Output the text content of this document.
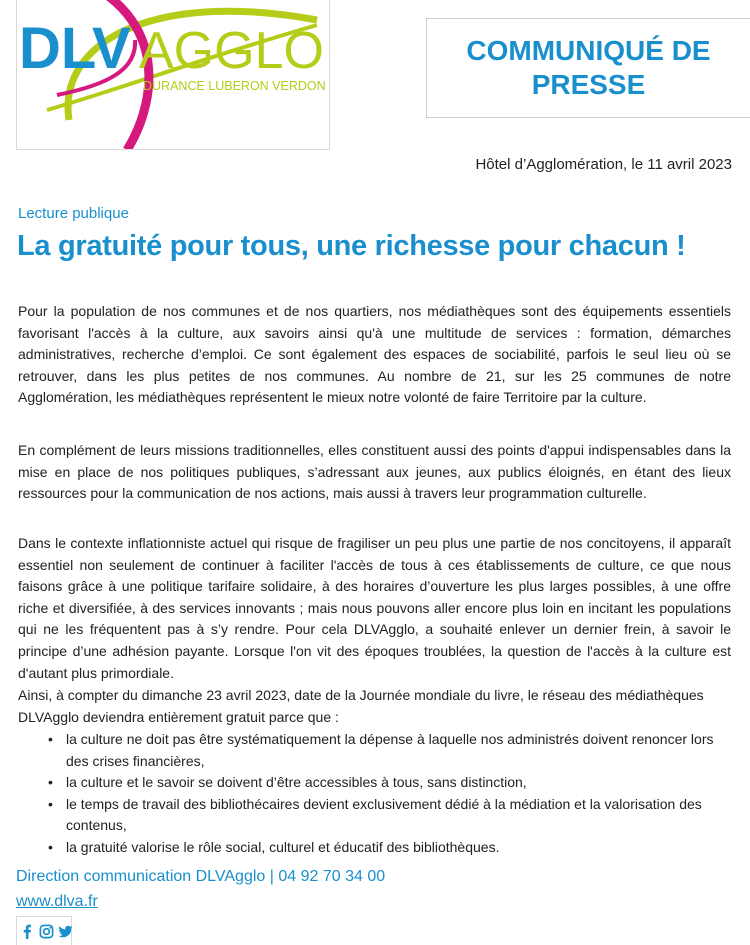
DLV AGGLO
DURANCE LUBERON VERDON
COMMUNIQUÉ DE
PRESSE
Hôtel d’Agglomération, le 11 avril 2023
Lecture publique
La gratuité pour tous, une richesse pour chacun !

Pour la population de nos communes et de nos quartiers, nos médiathèques sont des équipements essentiels favorisant l'accès à la culture, aux savoirs ainsi qu'à une multitude de services : formation, démarches administratives, recherche d’emploi. Ce sont également des espaces de sociabilité, parfois le seul lieu où se retrouver, dans les plus petites de nos communes. Au nombre de 21, sur les 25 communes de notre Agglomération, les médiathèques représentent le mieux notre volonté de faire Territoire par la culture.

En complément de leurs missions traditionnelles, elles constituent aussi des points d'appui indispensables dans la mise en place de nos politiques publiques, s’adressant aux jeunes, aux publics éloignés, en étant des lieux ressources pour la communication de nos actions, mais aussi à travers leur programmation culturelle.

Dans le contexte inflationniste actuel qui risque de fragiliser un peu plus une partie de nos concitoyens, il apparaît essentiel non seulement de continuer à faciliter l'accès de tous à ces établissements de culture, ce que nous faisons grâce à une politique tarifaire solidaire, à des horaires d’ouverture les plus larges possibles, à une offre riche et diversifiée, à des services innovants ; mais nous pouvons aller encore plus loin en incitant les populations qui ne les fréquentent pas à s’y rendre. Pour cela DLVAgglo, a souhaité enlever un dernier frein, à savoir le principe d’une adhésion payante. Lorsque l'on vit des époques troublées, la question de l'accès à la culture est d'autant plus primordiale.

Ainsi, à compter du dimanche 23 avril 2023, date de la Journée mondiale du livre, le réseau des médiathèques DLVAgglo deviendra entièrement gratuit parce que :

• la culture ne doit pas être systématiquement la dépense à laquelle nos administrés doivent renoncer lors des crises financières,
• la culture et le savoir se doivent d’être accessibles à tous, sans distinction,
• le temps de travail des bibliothécaires devient exclusivement dédié à la médiation et la valorisation des contenus,
• la gratuité valorise le rôle social, culturel et éducatif des bibliothèques.
Direction communication DLVAgglo | 04 92 70 34 00
www.dlva.fr
